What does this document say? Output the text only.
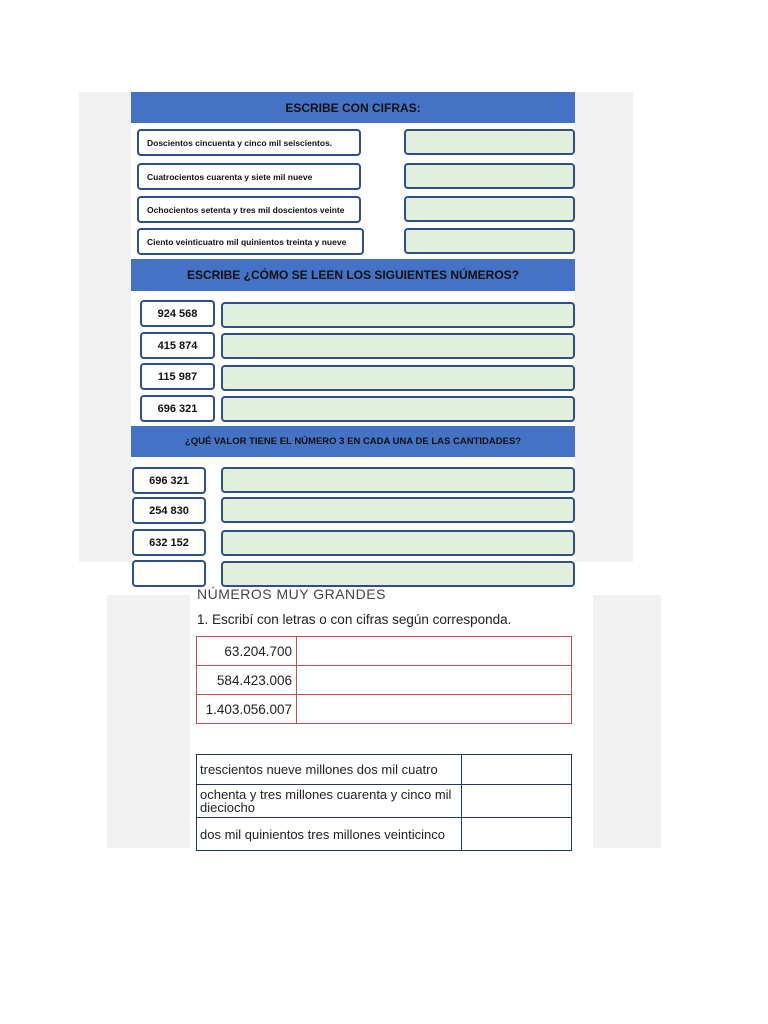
ESCRIBE CON CIFRAS:
Doscientos cincuenta y cinco mil seiscientos.
Cuatrocientos cuarenta y siete mil nueve
Ochocientos setenta y tres mil doscientos veinte
Ciento veinticuatro mil quinientos treinta y nueve
ESCRIBE ¿CÓMO SE LEEN LOS SIGUIENTES NÚMEROS?
924 568
415 874
115 987
696 321
¿QUÉ VALOR TIENE EL NÚMERO 3 EN CADA UNA DE LAS CANTIDADES?
696 321
254 830
632 152
NÚMEROS MUY GRANDES
1. Escribí con letras o con cifras según corresponda.
63.204.700	
584.423.006	
1.403.056.007	
trescientos nueve millones dos mil cuatro	
ochenta y tres millones cuarenta y cinco mil dieciocho	
dos mil quinientos tres millones veinticinco	
